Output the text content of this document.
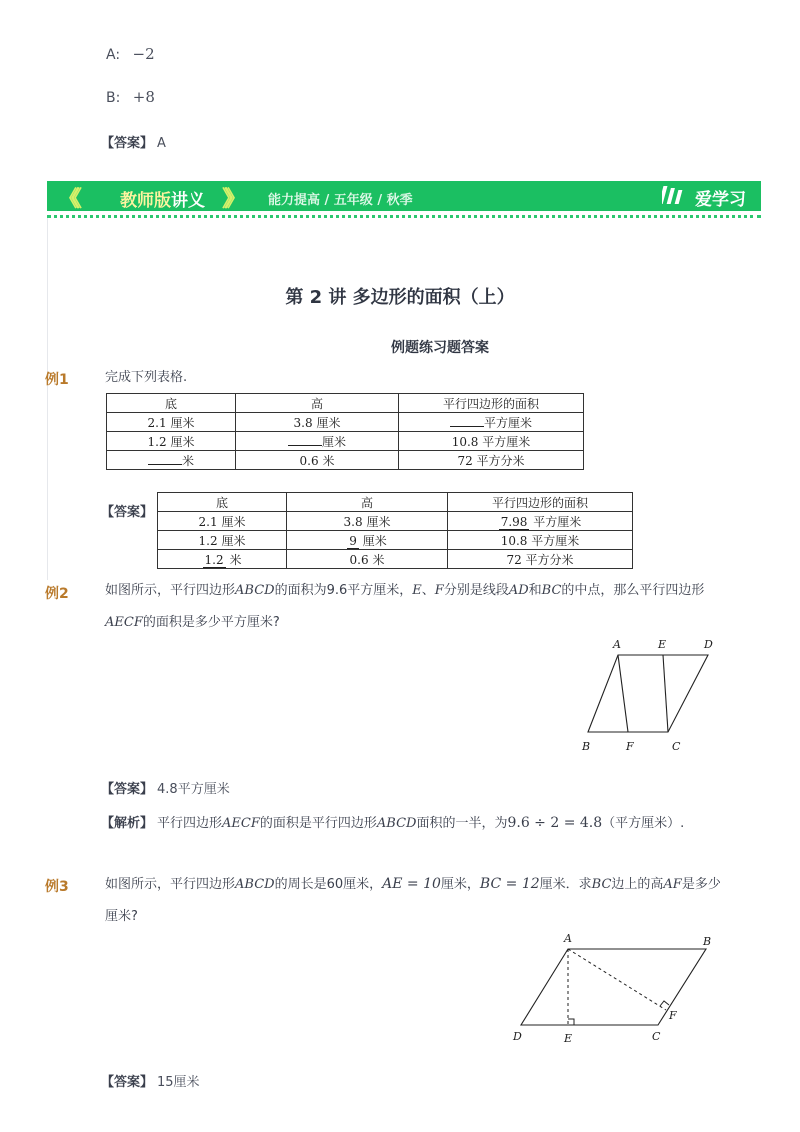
A: −2
B: +8
【答案】 A
《《	》》
教师版讲义	能力提高 / 五年级 / 秋季	爱学习
第 2 讲 多边形的面积（上）
例题练习题答案
例1	完成下列表格.
底	高	平行四边形的面积
2.1 厘米	3.8 厘米	平方厘米
1.2 厘米	厘米	10.8 平方厘米
米	0.6 米	72 平方分米
【答案】
底	高	平行四边形的面积
2.1 厘米	3.8 厘米	7.98 平方厘米
1.2 厘米	9 厘米	10.8 平方厘米
1.2 米	0.6 米	72 平方分米
例2	如图所示，平行四边形ABCD的面积为9.6平方厘米，E、F分别是线段AD和BC的中点，那么平行四边形AECF的面积是多少平方厘米?
A	E	D
B	F	C
【答案】 4.8平方厘米
【解析】 平行四边形AECF的面积是平行四边形ABCD面积的一半，为9.6 ÷ 2 = 4.8（平方厘米）.
例3	如图所示，平行四边形ABCD的周长是60厘米，AE = 10厘米，BC = 12厘米．求BC边上的高AF是多少厘米?
A	B
D	E	C
F
【答案】 15厘米
